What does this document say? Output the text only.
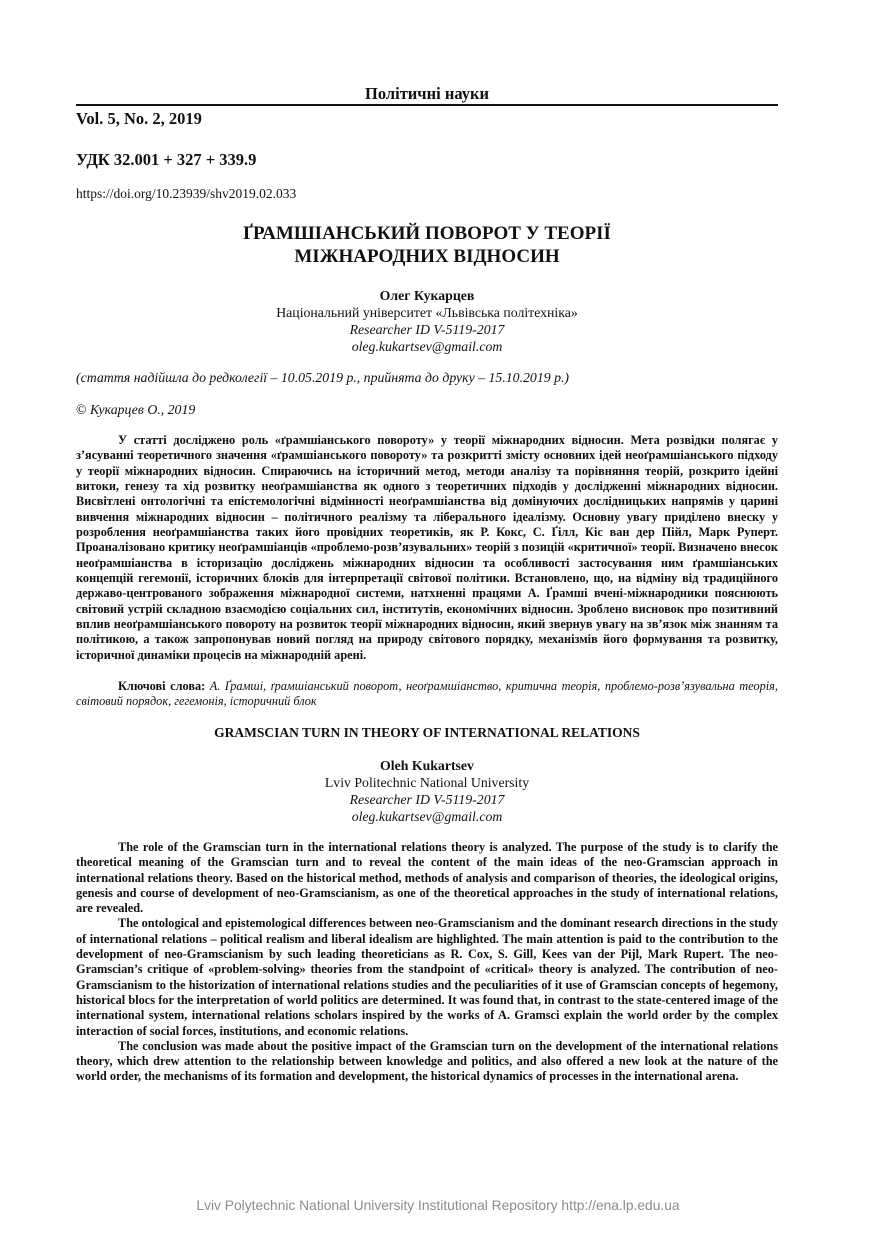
Політичні науки
Vol. 5, No. 2, 2019
УДК 32.001 + 327 + 339.9
https://doi.org/10.23939/shv2019.02.033
ҐРАМШІАНСЬКИЙ ПОВОРОТ У ТЕОРІЇ
МІЖНАРОДНИХ ВІДНОСИН
Олег Кукарцев
Національний університет «Львівська політехніка»
Researcher ID V-5119-2017
oleg.kukartsev@gmail.com
(стаття надійшла до редколегії – 10.05.2019 р., прийнята до друку – 15.10.2019 р.)
© Кукарцев О., 2019

У статті досліджено роль «ґрамшіанського повороту» у теорії міжнародних відносин. Мета розвідки полягає у з’ясуванні теоретичного значення «ґрамшіанського повороту» та розкритті змісту основних ідей неоґрамшіанського підходу у теорії міжнародних відносин. Спираючись на історичний метод, методи аналізу та порівняння теорій, розкрито ідейні витоки, генезу та хід розвитку неоґрамшіанства як одного з теоретичних підходів у дослідженні міжнародних відносин. Висвітлені онтологічні та епістемологічні відмінності неоґрамшіанства від домінуючих дослідницьких напрямів у царині вивчення міжнародних відносин – політичного реалізму та ліберального ідеалізму. Основну увагу приділено внеску у розроблення неоґрамшіанства таких його провідних теоретиків, як Р. Кокс, С. Ґілл, Кіс ван дер Пійл, Марк Руперт. Проаналізовано критику неоґрамшіанців «проблемо-розв’язувальних» теорій з позицій «критичної» теорії. Визначено внесок неоґрамшіанства в історизацію досліджень міжнародних відносин та особливості застосування ним ґрамшіанських концепцій гегемонії, історичних блоків для інтерпретації світової політики. Встановлено, що, на відміну від традиційного державо-центрованого зображення міжнародної системи, натхненні працями А. Ґрамші вчені-міжнародники пояснюють світовий устрій складною взаємодією соціальних сил, інститутів, економічних відносин. Зроблено висновок про позитивний вплив неоґрамшіанського повороту на розвиток теорії міжнародних відносин, який звернув увагу на зв’язок між знанням та політикою, а також запропонував новий погляд на природу світового порядку, механізмів його формування та розвитку, історичної динаміки процесів на міжнародній арені.

Ключові слова: А. Ґрамші, ґрамшіанський поворот, неоґрамшіанство, критична теорія, проблемо-розв’язувальна теорія, світовий порядок, гегемонія, історичний блок

GRAMSCIAN TURN IN THEORY OF INTERNATIONAL RELATIONS
Oleh Kukartsev
Lviv Politechnic National University
Researcher ID V-5119-2017
oleg.kukartsev@gmail.com

The role of the Gramscian turn in the international relations theory is analyzed. The purpose of the study is to clarify the theoretical meaning of the Gramscian turn and to reveal the content of the main ideas of the neo-Gramscian approach in international relations theory. Based on the historical method, methods of analysis and comparison of theories, the ideological origins, genesis and course of development of neo-Gramscianism, as one of the theoretical approaches in the study of international relations, are revealed.

The ontological and epistemological differences between neo-Gramscianism and the dominant research directions in the study of international relations – political realism and liberal idealism are highlighted. The main attention is paid to the contribution to the development of neo-Gramscianism by such leading theoreticians as R. Cox, S. Gill, Kees van der Pijl, Mark Rupert. The neo-Gramscian’s critique of «problem-solving» theories from the standpoint of «critical» theory is analyzed. The contribution of neo-Gramscianism to the historization of international relations studies and the peculiarities of it use of Gramscian concepts of hegemony, historical blocs for the interpretation of world politics are determined. It was found that, in contrast to the state-centered image of the international system, international relations scholars inspired by the works of A. Gramsci explain the world order by the complex interaction of social forces, institutions, and economic relations.

The conclusion was made about the positive impact of the Gramscian turn on the development of the international relations theory, which drew attention to the relationship between knowledge and politics, and also offered a new look at the nature of the world order, the mechanisms of its formation and development, the historical dynamics of processes in the international arena.

Lviv Polytechnic National University Institutional Repository http://ena.lp.edu.ua
